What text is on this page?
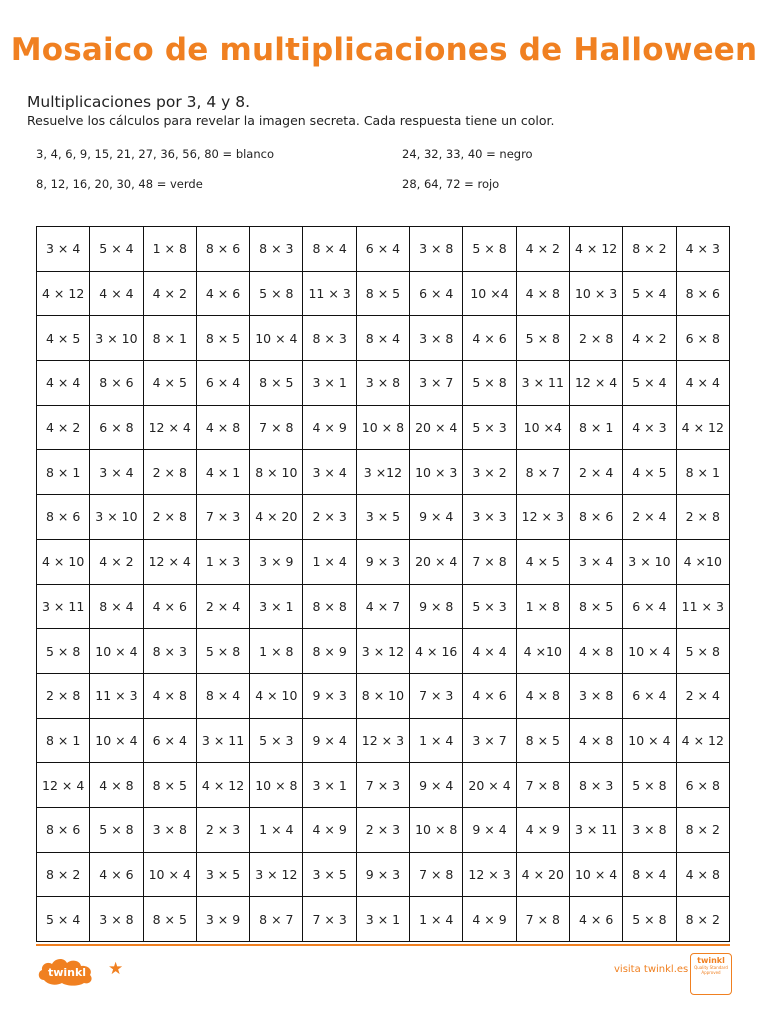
Mosaico de multiplicaciones de Halloween
Multiplicaciones por 3, 4 y 8.
Resuelve los cálculos para revelar la imagen secreta. Cada respuesta tiene un color.
3, 4, 6, 9, 15, 21, 27, 36, 56, 80 = blanco	24, 32, 33, 40 = negro
8, 12, 16, 20, 30, 48 = verde	28, 64, 72 = rojo
3 × 4	5 × 4	1 × 8	8 × 6	8 × 3	8 × 4	6 × 4	3 × 8	5 × 8	4 × 2	4 × 12	8 × 2	4 × 3
4 × 12	4 × 4	4 × 2	4 × 6	5 × 8	11 × 3	8 × 5	6 × 4	10 ×4	4 × 8	10 × 3	5 × 4	8 × 6
4 × 5	3 × 10	8 × 1	8 × 5	10 × 4	8 × 3	8 × 4	3 × 8	4 × 6	5 × 8	2 × 8	4 × 2	6 × 8
4 × 4	8 × 6	4 × 5	6 × 4	8 × 5	3 × 1	3 × 8	3 × 7	5 × 8	3 × 11	12 × 4	5 × 4	4 × 4
4 × 2	6 × 8	12 × 4	4 × 8	7 × 8	4 × 9	10 × 8	20 × 4	5 × 3	10 ×4	8 × 1	4 × 3	4 × 12
8 × 1	3 × 4	2 × 8	4 × 1	8 × 10	3 × 4	3 ×12	10 × 3	3 × 2	8 × 7	2 × 4	4 × 5	8 × 1
8 × 6	3 × 10	2 × 8	7 × 3	4 × 20	2 × 3	3 × 5	9 × 4	3 × 3	12 × 3	8 × 6	2 × 4	2 × 8
4 × 10	4 × 2	12 × 4	1 × 3	3 × 9	1 × 4	9 × 3	20 × 4	7 × 8	4 × 5	3 × 4	3 × 10	4 ×10
3 × 11	8 × 4	4 × 6	2 × 4	3 × 1	8 × 8	4 × 7	9 × 8	5 × 3	1 × 8	8 × 5	6 × 4	11 × 3
5 × 8	10 × 4	8 × 3	5 × 8	1 × 8	8 × 9	3 × 12	4 × 16	4 × 4	4 ×10	4 × 8	10 × 4	5 × 8
2 × 8	11 × 3	4 × 8	8 × 4	4 × 10	9 × 3	8 × 10	7 × 3	4 × 6	4 × 8	3 × 8	6 × 4	2 × 4
8 × 1	10 × 4	6 × 4	3 × 11	5 × 3	9 × 4	12 × 3	1 × 4	3 × 7	8 × 5	4 × 8	10 × 4	4 × 12
12 × 4	4 × 8	8 × 5	4 × 12	10 × 8	3 × 1	7 × 3	9 × 4	20 × 4	7 × 8	8 × 3	5 × 8	6 × 8
8 × 6	5 × 8	3 × 8	2 × 3	1 × 4	4 × 9	2 × 3	10 × 8	9 × 4	4 × 9	3 × 11	3 × 8	8 × 2
8 × 2	4 × 6	10 × 4	3 × 5	3 × 12	3 × 5	9 × 3	7 × 8	12 × 3	4 × 20	10 × 4	8 × 4	4 × 8
5 × 4	3 × 8	8 × 5	3 × 9	8 × 7	7 × 3	3 × 1	1 × 4	4 × 9	7 × 8	4 × 6	5 × 8	8 × 2
twinkl ★	visita twinkl.es
twinkl
Quality Standard
Approved
